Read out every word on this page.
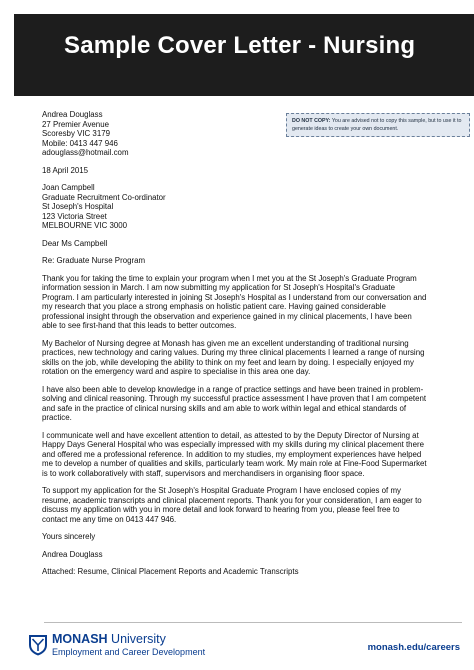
Sample Cover Letter - Nursing
DO NOT COPY: You are advised not to copy this sample, but to use it to generate ideas to create your own document.
Andrea Douglass
27 Premier Avenue
Scoresby VIC 3179
Mobile: 0413 447 946
adouglass@hotmail.com
18 April 2015
Joan Campbell
Graduate Recruitment Co-ordinator
St Joseph's Hospital
123 Victoria Street
MELBOURNE VIC 3000
Dear Ms Campbell
Re: Graduate Nurse Program
Thank you for taking the time to explain your program when I met you at the St Joseph's Graduate Program
information session in March. I am now submitting my application for St Joseph's Hospital's Graduate
Program. I am particularly interested in joining St Joseph's Hospital as I understand from our conversation and
my research that you place a strong emphasis on holistic patient care. Having gained considerable
professional insight through the observation and experience gained in my clinical placements, I have been
able to see first-hand that this leads to better outcomes.
My Bachelor of Nursing degree at Monash has given me an excellent understanding of traditional nursing
practices, new technology and caring values. During my three clinical placements I learned a range of nursing
skills on the job, while developing the ability to think on my feet and learn by doing. I especially enjoyed my
rotation on the emergency ward and aspire to specialise in this area one day.
I have also been able to develop knowledge in a range of practice settings and have been trained in problem-
solving and clinical reasoning. Through my successful practice assessment I have proven that I am competent
and safe in the practice of clinical nursing skills and am able to work within legal and ethical standards of
practice.
I communicate well and have excellent attention to detail, as attested to by the Deputy Director of Nursing at
Happy Days General Hospital who was especially impressed with my skills during my clinical placement there
and offered me a professional reference. In addition to my studies, my employment experiences have helped
me to develop a number of qualities and skills, particularly team work. My main role at Fine-Food Supermarket
is to work collaboratively with staff, supervisors and merchandisers in organising floor space.
To support my application for the St Joseph's Hospital Graduate Program I have enclosed copies of my
resume, academic transcripts and clinical placement reports. Thank you for your consideration, I am eager to
discuss my application with you in more detail and look forward to hearing from you, please feel free to
contact me any time on 0413 447 946.
Yours sincerely
Andrea Douglass
Attached: Resume, Clinical Placement Reports and Academic Transcripts
MONASH University
Employment and Career Development	monash.edu/careers
